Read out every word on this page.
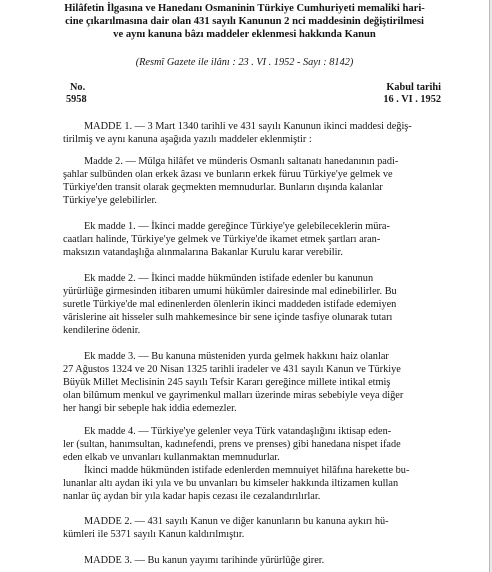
Hilâfetin İlgasına ve Hanedanı Osmaninin Türkiye Cumhuriyeti memaliki hari-
cine çıkarılmasına dair olan 431 sayılı Kanunun 2 nci maddesinin değiştirilmesi
ve aynı kanuna bâzı maddeler eklenmesi hakkında Kanun
(Resmî Gazete ile ilânı : 23 . VI . 1952 - Sayı : 8142)
No.
5958
Kabul tarihi
16 . VI . 1952
MADDE 1. — 3 Mart 1340 tarihli ve 431 sayılı Kanunun ikinci maddesi değiş-
tirilmiş ve aynı kanuna aşağıda yazılı maddeler eklenmiştir :
Madde 2. — Mülga hilâfet ve münderis Osmanlı saltanatı hanedanının padi-
şahlar sulbünden olan erkek âzası ve bunların erkek füruu Türkiye'ye gelmek ve
Türkiye'den transit olarak geçmekten memnudurlar. Bunların dışında kalanlar
Türkiye'ye gelebilirler.
Ek madde 1. — İkinci madde gereğince Türkiye'ye gelebileceklerin müra-
caatları halinde, Türkiye'ye gelmek ve Türkiye'de ikamet etmek şartları aran-
maksızın vatandaşlığa alınmalarına Bakanlar Kurulu karar verebilir.
Ek madde 2. — İkinci madde hükmünden istifade edenler bu kanunun
yürürlüğe girmesinden itibaren umumi hükümler dairesinde mal edinebilirler. Bu
suretle Türkiye'de mal edinenlerden ölenlerin ikinci maddeden istifade edemiyen
vârislerine ait hisseler sulh mahkemesince bir sene içinde tasfiye olunarak tutarı
kendilerine ödenir.
Ek madde 3. — Bu kanuna müsteniden yurda gelmek hakkını haiz olanlar
27 Ağustos 1324 ve 20 Nisan 1325 tarihli iradeler ve 431 sayılı Kanun ve Türkiye
Büyük Millet Meclisinin 245 sayılı Tefsir Kararı gereğince millete intikal etmiş
olan bilûmum menkul ve gayrimenkul malları üzerinde miras sebebiyle veya diğer
her hangi bir sebeple hak iddia edemezler.
Ek madde 4. — Türkiye'ye gelenler veya Türk vatandaşlığını iktisap eden-
ler (sultan, hanımsultan, kadınefendi, prens ve prenses) gibi hanedana nispet ifade
eden elkab ve unvanları kullanmaktan memnudurlar.
İkinci madde hükmünden istifade edenlerden memnuiyet hilâfına harekette bu-
lunanlar altı aydan iki yıla ve bu unvanları bu kimseler hakkında iltizamen kullan
nanlar üç aydan bir yıla kadar hapis cezası ile cezalandırılırlar.
MADDE 2. — 431 sayılı Kanun ve diğer kanunların bu kanuna aykırı hü-
kümleri ile 5371 sayılı Kanun kaldırılmıştır.
MADDE 3. — Bu kanun yayımı tarihinde yürürlüğe girer.
